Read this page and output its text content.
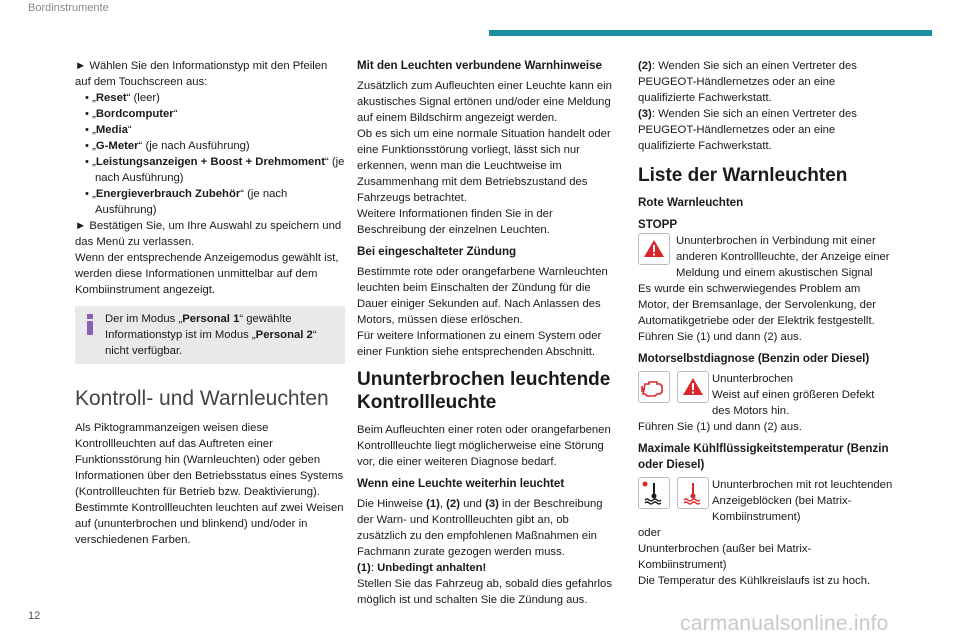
Bordinstrumente

► Wählen Sie den Informationstyp mit den Pfeilen auf dem Touchscreen aus:

• „Reset“ (leer)

• „Bordcomputer“

• „Media“

• „G-Meter“ (je nach Ausführung)

• „Leistungsanzeigen + Boost + Drehmoment“ (je nach Ausführung)

• „Energieverbrauch Zubehör“ (je nach Ausführung)

► Bestätigen Sie, um Ihre Auswahl zu speichern und das Menü zu verlassen.

Wenn der entsprechende Anzeigemodus gewählt ist, werden diese Informationen unmittelbar auf dem Kombiinstrument angezeigt.

Der im Modus „Personal 1“ gewählte Informationstyp ist im Modus „Personal 2“ nicht verfügbar.

Kontroll- und Warnleuchten

Als Piktogrammanzeigen weisen diese Kontrollleuchten auf das Auftreten einer Funktionsstörung hin (Warnleuchten) oder geben Informationen über den Betriebsstatus eines Systems (Kontrollleuchten für Betrieb bzw. Deaktivierung). Bestimmte Kontrollleuchten leuchten auf zwei Weisen auf (ununterbrochen und blinkend) und/oder in verschiedenen Farben.

Mit den Leuchten verbundene Warnhinweise

Zusätzlich zum Aufleuchten einer Leuchte kann ein akustisches Signal ertönen und/oder eine Meldung auf einem Bildschirm angezeigt werden.

Ob es sich um eine normale Situation handelt oder eine Funktionsstörung vorliegt, lässt sich nur erkennen, wenn man die Leuchtweise im Zusammenhang mit dem Betriebszustand des Fahrzeugs betrachtet.

Weitere Informationen finden Sie in der Beschreibung der einzelnen Leuchten.

Bei eingeschalteter Zündung

Bestimmte rote oder orangefarbene Warnleuchten leuchten beim Einschalten der Zündung für die Dauer einiger Sekunden auf. Nach Anlassen des Motors, müssen diese erlöschen.

Für weitere Informationen zu einem System oder einer Funktion siehe entsprechenden Abschnitt.

Ununterbrochen leuchtende Kontrollleuchte

Beim Aufleuchten einer roten oder orangefarbenen Kontrollleuchte liegt möglicherweise eine Störung vor, die einer weiteren Diagnose bedarf.

Wenn eine Leuchte weiterhin leuchtet

Die Hinweise (1), (2) und (3) in der Beschreibung der Warn- und Kontrollleuchten gibt an, ob zusätzlich zu den empfohlenen Maßnahmen ein Fachmann zurate gezogen werden muss.

(1): Unbedingt anhalten!

Stellen Sie das Fahrzeug ab, sobald dies gefahrlos möglich ist und schalten Sie die Zündung aus.

(2): Wenden Sie sich an einen Vertreter des PEUGEOT-Händlernetzes oder an eine qualifizierte Fachwerkstatt.

(3): Wenden Sie sich an einen Vertreter des PEUGEOT-Händlernetzes oder an eine qualifizierte Fachwerkstatt.

Liste der Warnleuchten
Rote Warnleuchten
STOPP

Ununterbrochen in Verbindung mit einer anderen Kontrollleuchte, der Anzeige einer Meldung und einem akustischen Signal

Es wurde ein schwerwiegendes Problem am Motor, der Bremsanlage, der Servolenkung, der Automatikgetriebe oder der Elektrik festgestellt.

Führen Sie (1) und dann (2) aus.

Motorselbstdiagnose (Benzin oder Diesel)

Ununterbrochen

Weist auf einen größeren Defekt des Motors hin.

Führen Sie (1) und dann (2) aus.

Maximale Kühlflüssigkeitstemperatur (Benzin oder Diesel)

Ununterbrochen mit rot leuchtenden Anzeigeblöcken (bei Matrix-Kombiinstrument)

oder

Ununterbrochen (außer bei Matrix-Kombiinstrument)

Die Temperatur des Kühlkreislaufs ist zu hoch.

12	carmanualsonline.info
